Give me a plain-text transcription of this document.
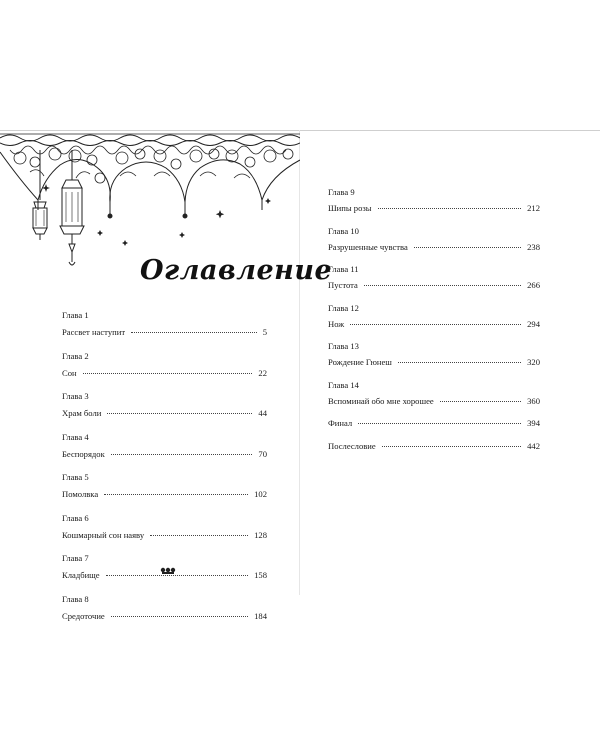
Оглавление
Глава 1
Рассвет наступит	5
Глава 2
Сон	22
Глава 3
Храм боли	44
Глава 4
Беспорядок	70
Глава 5
Помолвка	102
Глава 6
Кошмарный сон наяву	128
Глава 7
Кладбище	158
Глава 8
Средоточие	184
Глава 9
Шипы розы	212
Глава 10
Разрушенные чувства	238
Глава 11
Пустота	266
Глава 12
Нож	294
Глава 13
Рождение Гюнеш	320
Глава 14
Вспоминай обо мне хорошее	360
Финал	394
Послесловие	442
